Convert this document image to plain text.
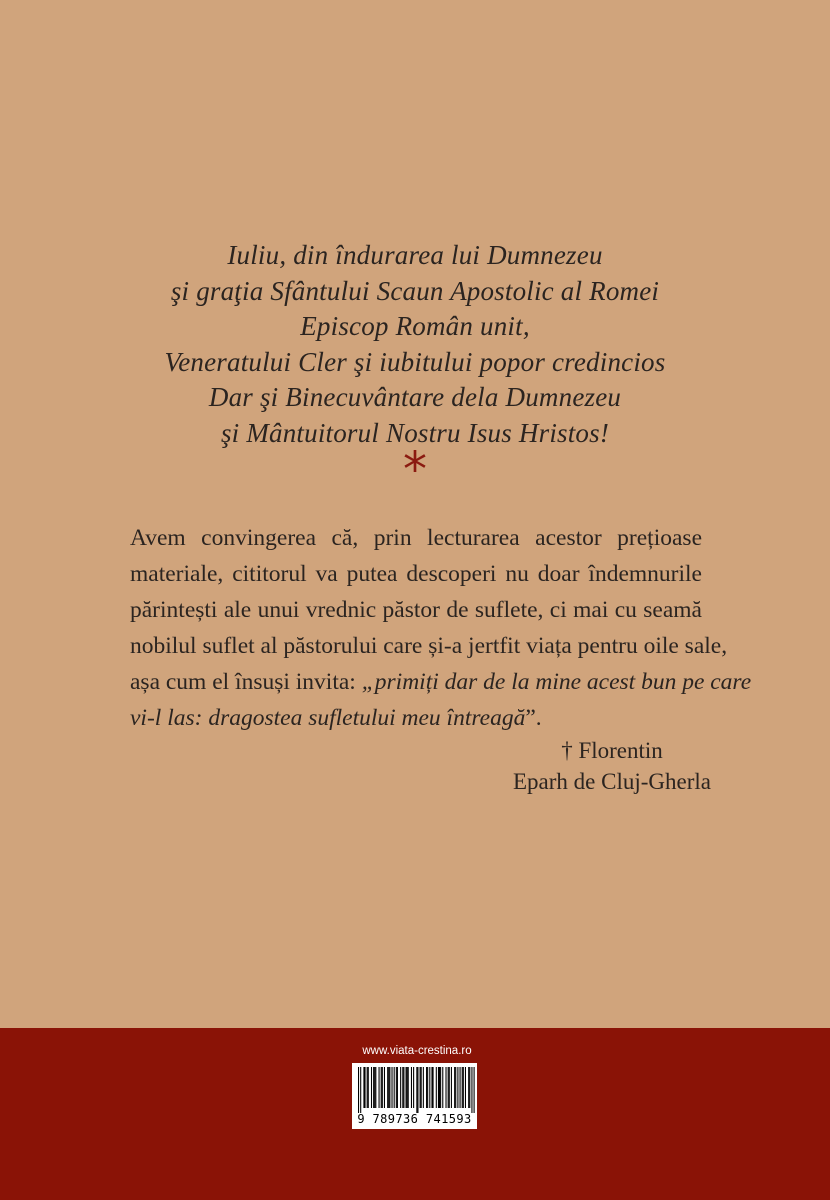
Iuliu, din îndurarea lui Dumnezeu
şi graţia Sfântului Scaun Apostolic al Romei
Episcop Român unit,
Veneratului Cler şi iubitului popor credincios
Dar şi Binecuvântare dela Dumnezeu
şi Mântuitorul Nostru Isus Hristos!
*
Avem convingerea că, prin lecturarea acestor prețioase
materiale, cititorul va putea descoperi nu doar îndemnurile
părintești ale unui vrednic păstor de suflete, ci mai cu seamă
nobilul suflet al păstorului care și-a jertfit viața pentru oile sale,
așa cum el însuși invita: „primiți dar de la mine acest bun pe care
vi-l las: dragostea sufletului meu întreagă”.
† Florentin
Eparh de Cluj-Gherla
www.viata-crestina.ro
9 789736 741593
